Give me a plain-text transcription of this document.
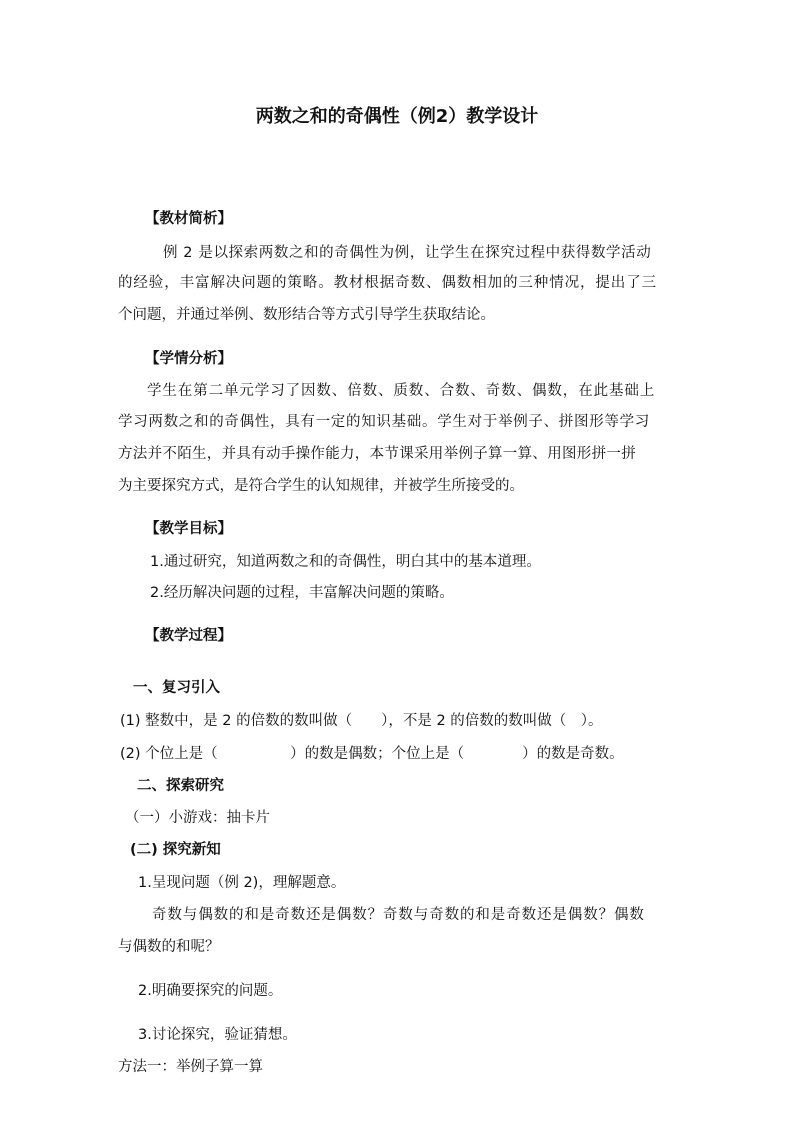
两数之和的奇偶性（例2）教学设计
【教材简析】
例 2 是以探索两数之和的奇偶性为例，让学生在探究过程中获得数学活动
的经验，丰富解决问题的策略。教材根据奇数、偶数相加的三种情况，提出了三
个问题，并通过举例、数形结合等方式引导学生获取结论。
【学情分析】
学生在第二单元学习了因数、倍数、质数、合数、奇数、偶数，在此基础上
学习两数之和的奇偶性，具有一定的知识基础。学生对于举例子、拼图形等学习
方法并不陌生，并具有动手操作能力，本节课采用举例子算一算、用图形拼一拼
为主要探究方式，是符合学生的认知规律，并被学生所接受的。
【教学目标】
1.通过研究，知道两数之和的奇偶性，明白其中的基本道理。
2.经历解决问题的过程，丰富解决问题的策略。
【教学过程】
一、复习引入
(1) 整数中，是 2 的倍数的数叫做（　　），不是 2 的倍数的数叫做（　）。
(2) 个位上是（　　　　　）的数是偶数；个位上是（　　　　）的数是奇数。
二、探索研究
（一）小游戏：抽卡片
(二) 探究新知
1.呈现问题（例 2)，理解题意。
奇数与偶数的和是奇数还是偶数？奇数与奇数的和是奇数还是偶数？偶数
与偶数的和呢？
2.明确要探究的问题。
3.讨论探究，验证猜想。
方法一：举例子算一算
